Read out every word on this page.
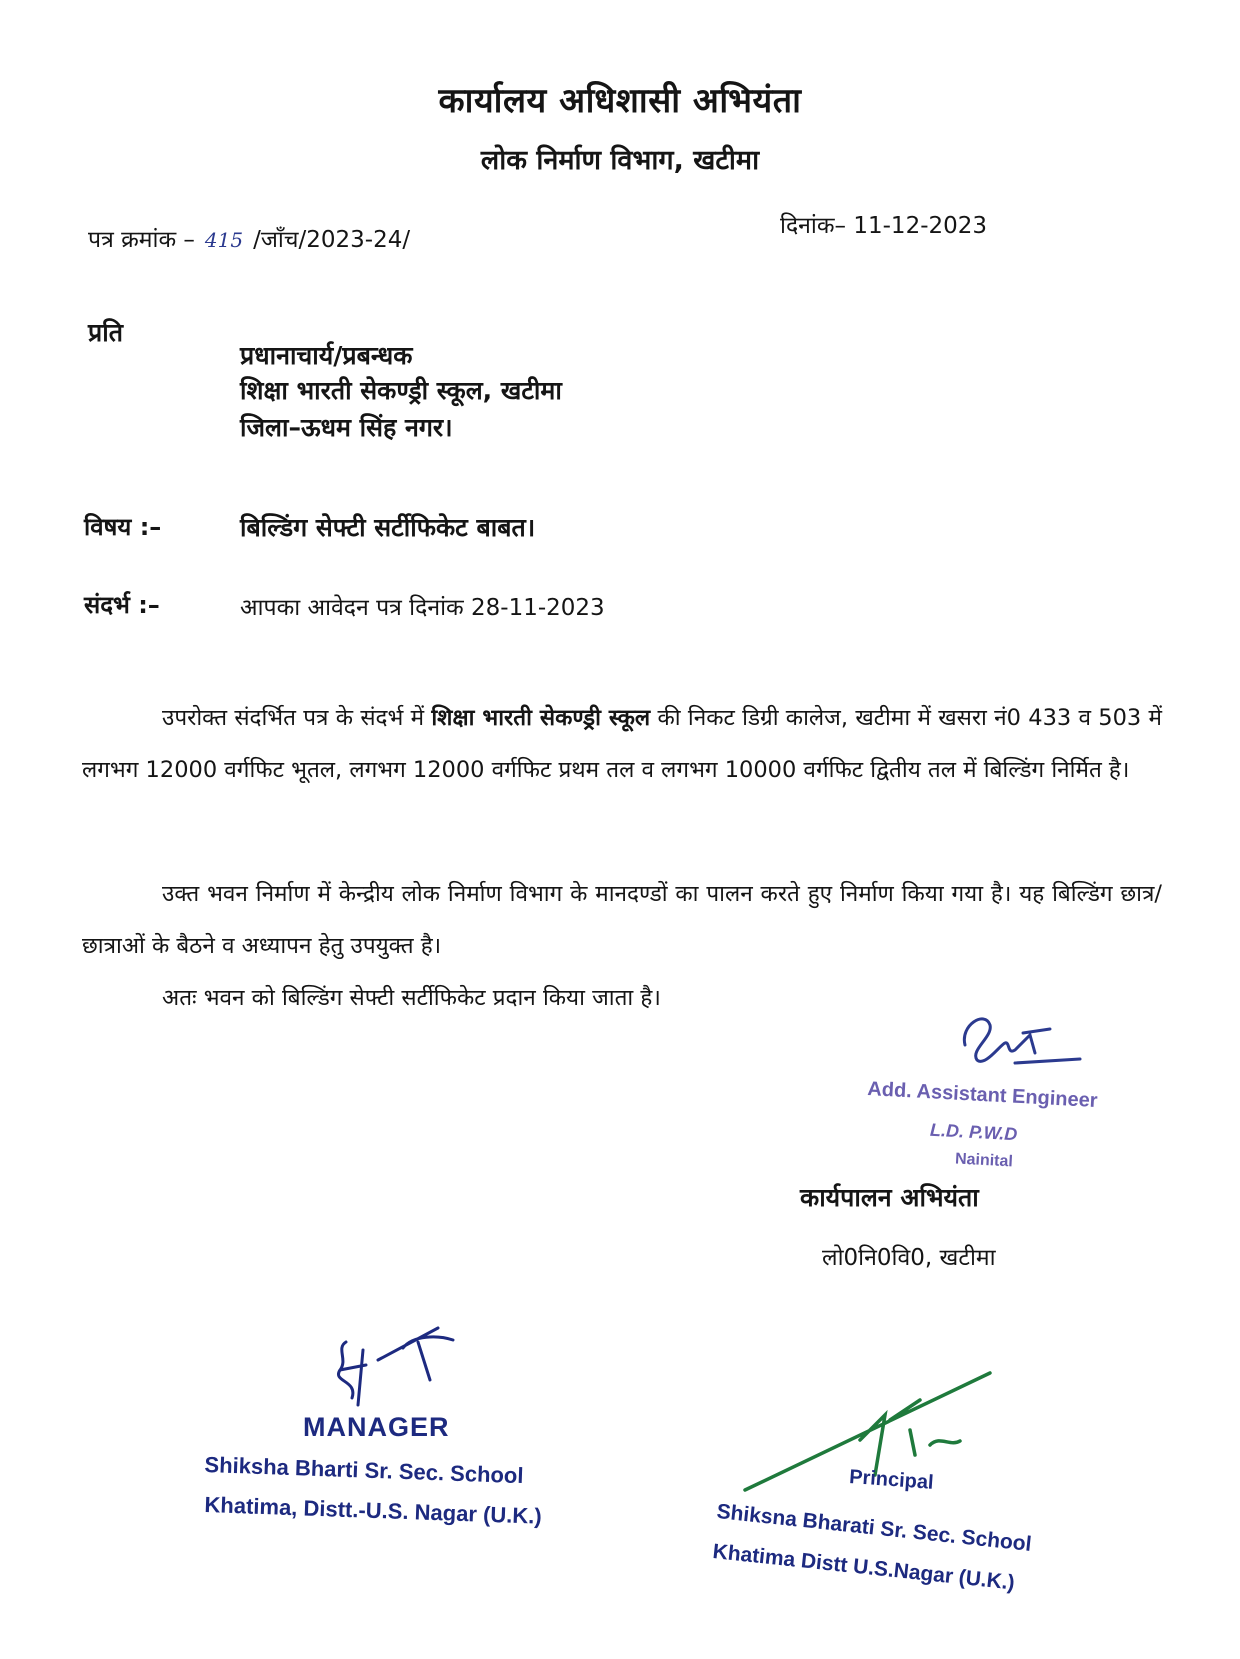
कार्यालय अधिशासी अभियंता
लोक निर्माण विभाग, खटीमा
पत्र क्रमांक – 415 /जाँच/2023-24/
दिनांक– 11-12-2023
प्रति
प्रधानाचार्य/प्रबन्धक
शिक्षा भारती सेकण्ड्री स्कूल, खटीमा
जिला–ऊधम सिंह नगर।
विषय :–	बिल्डिंग सेफ्टी सर्टीफिकेट बाबत।
संदर्भ :–	आपका आवेदन पत्र दिनांक 28-11-2023
उपरोक्त संदर्भित पत्र के संदर्भ में शिक्षा भारती सेकण्ड्री स्कूल की निकट डिग्री कालेज, खटीमा में खसरा नं0 433 व 503 में लगभग 12000 वर्गफिट भूतल, लगभग 12000 वर्गफिट प्रथम तल व लगभग 10000 वर्गफिट द्वितीय तल में बिल्डिंग निर्मित है।
उक्त भवन निर्माण में केन्द्रीय लोक निर्माण विभाग के मानदण्डों का पालन करते हुए निर्माण किया गया है। यह बिल्डिंग छात्र/छात्राओं के बैठने व अध्यापन हेतु उपयुक्त है।
अतः भवन को बिल्डिंग सेफ्टी सर्टीफिकेट प्रदान किया जाता है।
Add. Assistant Engineer
L.D. P.W.D
Nainital
कार्यपालन अभियंता
लो0नि0वि0, खटीमा
MANAGER
Shiksha Bharti Sr. Sec. School
Khatima, Distt.-U.S. Nagar (U.K.)
Principal
Shiksna Bharati Sr. Sec. School
Khatima Distt U.S.Nagar (U.K.)
